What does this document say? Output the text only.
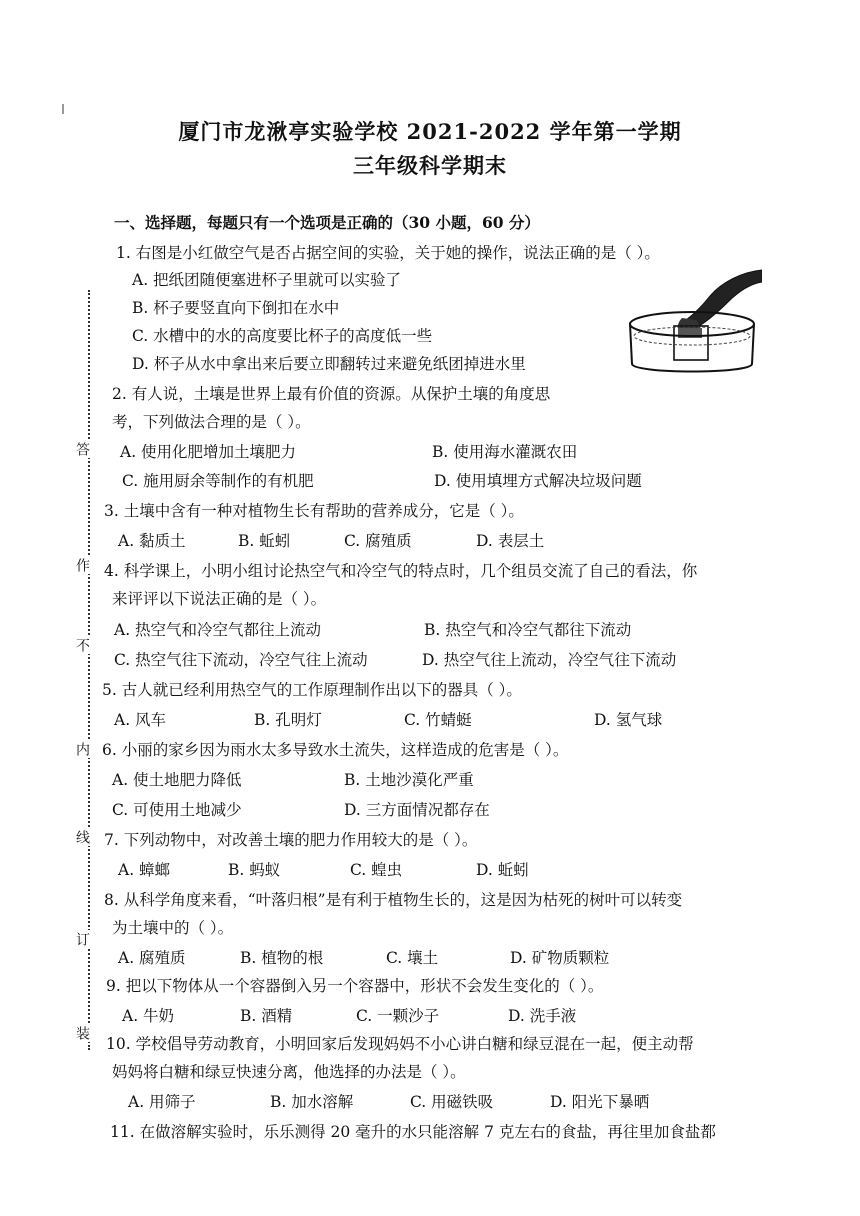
厦门市龙湫亭实验学校 2021-2022 学年第一学期
三年级科学期末
答
作
不
内
线
订
装
一、选择题，每题只有一个选项是正确的（30 小题，60 分）
1. 右图是小红做空气是否占据空间的实验，关于她的操作，说法正确的是（ ）。
A. 把纸团随便塞进杯子里就可以实验了
B. 杯子要竖直向下倒扣在水中
C. 水槽中的水的高度要比杯子的高度低一些
D. 杯子从水中拿出来后要立即翻转过来避免纸团掉进水里
2. 有人说，土壤是世界上最有价值的资源。从保护土壤的角度思
考，下列做法合理的是（ ）。
A. 使用化肥增加土壤肥力	B. 使用海水灌溉农田
C. 施用厨余等制作的有机肥	D. 使用填埋方式解决垃圾问题
3. 土壤中含有一种对植物生长有帮助的营养成分，它是（ ）。
A. 黏质土	B. 蚯蚓	C. 腐殖质	D. 表层土
4. 科学课上，小明小组讨论热空气和冷空气的特点时，几个组员交流了自己的看法，你
来评评以下说法正确的是（ ）。
A. 热空气和冷空气都往上流动	B. 热空气和冷空气都往下流动
C. 热空气往下流动，冷空气往上流动	D. 热空气往上流动，冷空气往下流动
5. 古人就已经利用热空气的工作原理制作出以下的器具（ ）。
A. 风车	B. 孔明灯	C. 竹蜻蜓	D. 氢气球
6. 小丽的家乡因为雨水太多导致水土流失，这样造成的危害是（ ）。
A. 使土地肥力降低	B. 土地沙漠化严重
C. 可使用土地减少	D. 三方面情况都存在
7. 下列动物中，对改善土壤的肥力作用较大的是（ ）。
A. 蟑螂	B. 蚂蚁	C. 蝗虫	D. 蚯蚓
8. 从科学角度来看，“叶落归根”是有利于植物生长的，这是因为枯死的树叶可以转变
为土壤中的（ ）。
A. 腐殖质	B. 植物的根	C. 壤土	D. 矿物质颗粒
9. 把以下物体从一个容器倒入另一个容器中，形状不会发生变化的（ ）。
A. 牛奶	B. 酒精	C. 一颗沙子	D. 洗手液
10. 学校倡导劳动教育，小明回家后发现妈妈不小心讲白糖和绿豆混在一起，便主动帮
妈妈将白糖和绿豆快速分离，他选择的办法是（ ）。
A. 用筛子	B. 加水溶解	C. 用磁铁吸	D. 阳光下暴晒
11. 在做溶解实验时，乐乐测得 20 毫升的水只能溶解 7 克左右的食盐，再往里加食盐都
